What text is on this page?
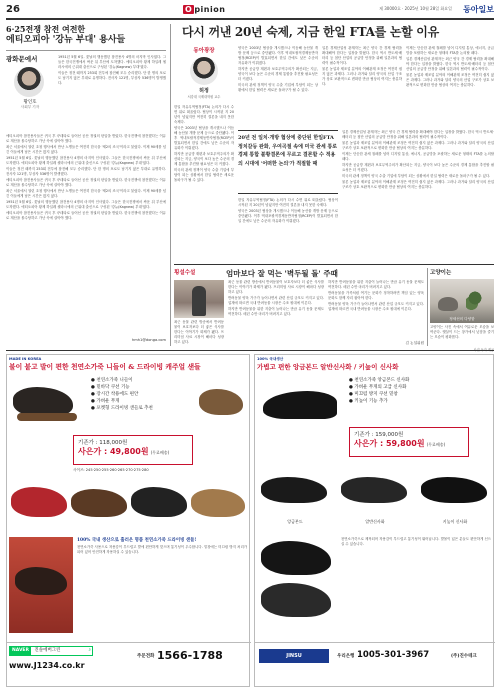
26	O pinion	동아일보
제 30000호 · 2025년 10월 28일 화요일
6·25전쟁 참전 여전한
에티오피아 '강뉴 부대' 용사들
광화문에서
황인호
사회부 기자

1951년 5월 6일. 꽃날의 행동했던 참전용사 4명의 마지막 인사였다. 그들은 한국전쟁에서 싸운 뒤 부산에 도착했다. 에티오피아 황제 하일레 셀라시에의 근위대 출신으로 구성된 '강뉴(Kagnew) 부대'였다.

이들은 정전 때까지 253회 전투에 참전해 모두 승리했다. 단 한 명의 포로도 남기지 않은 부대로 유명하다. 전사자 121명, 부상자 536명이 발생했다.

에티오피아 참전용사들은 귀국 후 쿠데타로 들어선 공산 정권의 탄압을 받았다. 한국전쟁에 참전했다는 이유로 재산을 몰수당하고 가난 속에 살아야 했다.

최근 서울에서 열린 초청 행사에서 만난 노병들은 여전히 한국을 '제2의 조국'이라고 불렀다. 이제 90세를 넘긴 이들에게 남은 시간은 많지 않다.

1951년 5월 6일. 꽃날의 행동했던 참전용사 4명의 마지막 인사였다. 그들은 한국전쟁에서 싸운 뒤 부산에 도착했다. 에티오피아 황제 하일레 셀라시에의 근위대 출신으로 구성된 '강뉴(Kagnew) 부대'였다.

이들은 정전 때까지 253회 전투에 참전해 모두 승리했다. 단 한 명의 포로도 남기지 않은 부대로 유명하다. 전사자 121명, 부상자 536명이 발생했다.

에티오피아 참전용사들은 귀국 후 쿠데타로 들어선 공산 정권의 탄압을 받았다. 한국전쟁에 참전했다는 이유로 재산을 몰수당하고 가난 속에 살아야 했다.

최근 서울에서 열린 초청 행사에서 만난 노병들은 여전히 한국을 '제2의 조국'이라고 불렀다. 이제 90세를 넘긴 이들에게 남은 시간은 많지 않다.

1951년 5월 6일. 꽃날의 행동했던 참전용사 4명의 마지막 인사였다. 그들은 한국전쟁에서 싸운 뒤 부산에 도착했다. 에티오피아 황제 하일레 셀라시에의 근위대 출신으로 구성된 '강뉴(Kagnew) 부대'였다.

에티오피아 참전용사들은 귀국 후 쿠데타로 들어선 공산 정권의 탄압을 받았다. 한국전쟁에 참전했다는 이유로 재산을 몰수당하고 가난 속에 살아야 했다.

hmh1@donga.com
다시 꺼낸 20년 숙제, 지금 한일 FTA를 논할 이유
동아광장
허정
서강대 국제대학원 교수

한일 자유무역협정(FTA) 논의가 다시 수면 위로 떠올랐다. 협상이 시작된 지 20년이 넘었지만 여전히 결론을 내지 못한 숙제다.

양국은 2003년 협상을 개시했으나 이듬해 농산물 개방 문제 등으로 중단됐다. 이후 역내포괄적경제동반자협정(RCEP)이 발효되면서 한일 간에도 낮은 수준의 자유화가 이뤄졌다.

하지만 공급망 재편과 보호무역주의가 확산되는 지금, 양국이 보다 높은 수준의 경제 통합을 추진할 필요성은 더 커졌다.

미국의 관세 정책이 양국 수출 기업에 부담이 되는 상황에서 한일 협력은 새로운 돌파구가 될 수 있다.

양국은 2003년 협상을 개시했으나 이듬해 농산물 개방 문제 등으로 중단됐다. 이후 역내포괄적경제동반자협정(RCEP)이 발효되면서 한일 간에도 낮은 수준의 자유화가 이뤄졌다.

하지만 공급망 재편과 보호무역주의가 확산되는 지금, 양국이 보다 높은 수준의 경제 통합을 추진할 필요성은 더 커졌다.

미국의 관세 정책이 양국 수출 기업에 부담이 되는 상황에서 한일 협력은 새로운 돌파구가 될 수 있다.

일본 경제산업성 관계자는 최근 양국 간 경제 협력을 확대해야 한다는 입장을 밝혔다. 한국 역시 반도체·배터리 등 첨단 산업의 공급망 안정을 위해 일본과의 협력이 필수적이다.

물론 농업과 제조업 분야의 이해관계 조정은 여전히 쉽지 않은 과제다. 그러나 과거와 달리 양국의 산업 구조가 상호 보완적으로 변화한 만큼 협상의 여지는 충분하다.

이제는 단순한 관세 철폐를 넘어 디지털 통상, 에너지, 공급망을 포괄하는 새로운 형태의 FTA를 논의할 때다.

일본 경제산업성 관계자는 최근 양국 간 경제 협력을 확대해야 한다는 입장을 밝혔다. 한국 역시 반도체·배터리 등 첨단 산업의 공급망 안정을 위해 일본과의 협력이 필수적이다.

물론 농업과 제조업 분야의 이해관계 조정은 여전히 쉽지 않은 과제다. 그러나 과거와 달리 양국의 산업 구조가 상호 보완적으로 변화한 만큼 협상의 여지는 충분하다.

20년 전 일치·개방 협상에 중단된 한일FTA 정치갈등 완화, 우여곡절 속에 미국 관세 통로경제 통합 불황결론에 무르고 결론할 수 적용의 시대에 '어떠한 논의'가 적절할 때

한일 자유무역협정(FTA) 논의가 다시 수면 위로 떠올랐다. 협상이 시작된 지 20년이 넘었지만 여전히 결론을 내지 못한 숙제다.

양국은 2003년 협상을 개시했으나 이듬해 농산물 개방 문제 등으로 중단됐다. 이후 역내포괄적경제동반자협정(RCEP)이 발효되면서 한일 간에도 낮은 수준의 자유화가 이뤄졌다.

일본 경제산업성 관계자는 최근 양국 간 경제 협력을 확대해야 한다는 입장을 밝혔다. 한국 역시 반도체·배터리 등 첨단 산업의 공급망 안정을 위해 일본과의 협력이 필수적이다.

물론 농업과 제조업 분야의 이해관계 조정은 여전히 쉽지 않은 과제다. 그러나 과거와 달리 양국의 산업 구조가 상호 보완적으로 변화한 만큼 협상의 여지는 충분하다.

이제는 단순한 관세 철폐를 넘어 디지털 통상, 에너지, 공급망을 포괄하는 새로운 형태의 FTA를 논의할 때다.

하지만 공급망 재편과 보호무역주의가 확산되는 지금, 양국이 보다 높은 수준의 경제 통합을 추진할 필요성은 더 커졌다.

미국의 관세 정책이 양국 수출 기업에 부담이 되는 상황에서 한일 협력은 새로운 돌파구가 될 수 있다.

물론 농업과 제조업 분야의 이해관계 조정은 여전히 쉽지 않은 과제다. 그러나 과거와 달리 양국의 산업 구조가 상호 보완적으로 변화한 만큼 협상의 여지는 충분하다.

횡설수설	엄마보다 잘 먹는 '벽두될 돌' 주때

최근 동물 관련 방송에서 반려동물이 보호자보다 더 좋은 식사를 한다는 이야기가 화제가 됐다. 프리미엄 사료 시장이 해마다 성장하고 있다.

반려동물 양육 가구가 늘어나면서 관련 산업 규모도 커지고 있다. 업계에 따르면 국내 반려동물 시장은 수조 원대에 이른다.

하지만 반려동물을 위한 지출이 늘어나는 만큼 유기 동물 문제도 여전하다. 매년 수만 마리가 버려지고 있다.

하지만 반려동물을 위한 지출이 늘어나는 만큼 유기 동물 문제도 여전하다. 매년 수만 마리가 버려지고 있다.

반려동물을 가족처럼 여기는 문화가 정착하려면 책임 있는 양육 문화도 함께 자리 잡아야 한다.

반려동물 양육 가구가 늘어나면서 관련 산업 규모도 커지고 있다. 업계에 따르면 국내 반려동물 시장은 수조 원대에 이른다.

최근 동물 관련 방송에서 반려동물이 보호자보다 더 좋은 식사를 한다는 이야기가 화제가 됐다. 프리미엄 사료 시장이 해마다 성장하고 있다.	김 논설위원
고양이는
정세선의 다양함
고양이는 사진 속에서 여유로운 모습을 보여준다. 햇살이 드는 창가에서 낮잠을 즐기는 모습이 평화롭다.
사진 독자 제공
MADE IN KOREA
불이 붙고 발이 편한 천연소가죽 니들이 & 드라이빙 캐주얼 샌들
● 천연소가죽 니들이
● 밑바닥 쿠션 기능
● 장시간 착용에도 편안
● 가벼운 무게
● 포켓형 드라이빙 샌들로 추천
기존가 : 118,000원
사은가 : 49,800원 (무료배송)
사이즈: 245·250·255·260·265·270·275·280
100% 국내 생산으로 흘러온 명품 천연소가죽 드라이빙 샌들!
천연소가죽 사용으로 착용감이 부드럽고 발에 편안하게 맞으며 통기성이 우수합니다. 밑창에는 미끄럼 방지 처리가 되어 있어 안전하게 착용하실 수 있습니다.
NAVER 진솔에버그린	⌕
www.J1234.co.kr
주문전화 1566-1788
100% 국내생산
가볍고 편한 앙금본드 알반신사화 / 키높이 신사화
● 천연소가죽 앙금본드 신사화
● 가벼운 무게의 고급 신사화
● 미끄럼 방지 쿠션 밑창
● 키높이 기능 추가
기존가 : 159,000원
사은가 : 59,800원 (무료배송)
앙금본드	알반신사화	키높이 신사화
천연소가죽으로 제작되어 착용감이 부드럽고 통기성이 뛰어납니다. 발볼이 넓은 분들도 편안하게 신으실 수 있습니다.
우리은행 1005-301-3967	(주)진수테크
JINSU
